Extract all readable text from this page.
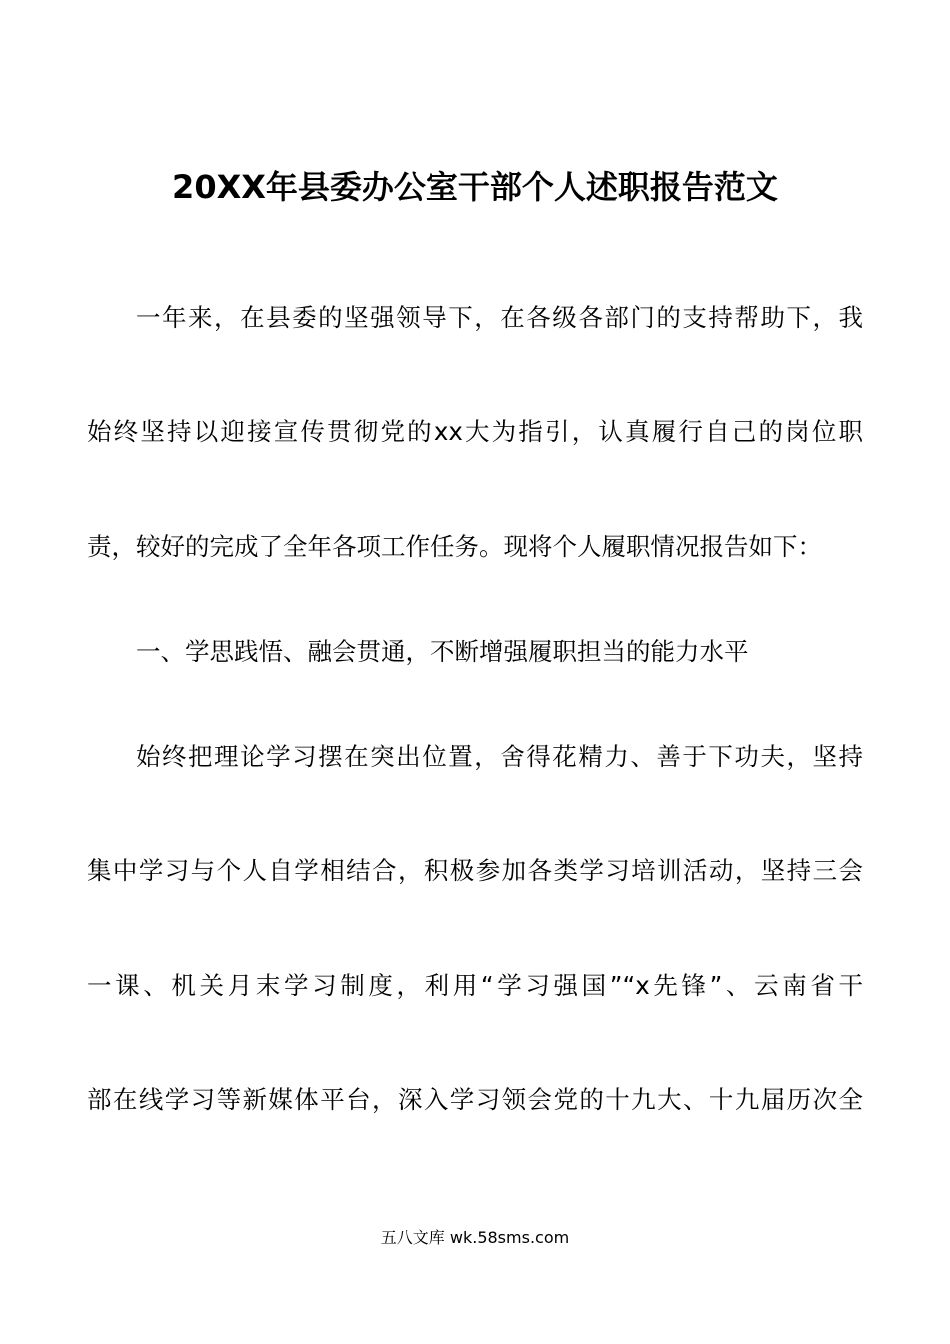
20XX年县委办公室干部个人述职报告范文
一年来，在县委的坚强领导下，在各级各部门的支持帮助下，我
始终坚持以迎接宣传贯彻党的xx大为指引，认真履行自己的岗位职
责，较好的完成了全年各项工作任务。现将个人履职情况报告如下：
一、学思践悟、融会贯通，不断增强履职担当的能力水平
始终把理论学习摆在突出位置，舍得花精力、善于下功夫，坚持
集中学习与个人自学相结合，积极参加各类学习培训活动，坚持三会
一课、机关月末学习制度，利用“学习强国”“x先锋”、云南省干
部在线学习等新媒体平台，深入学习领会党的十九大、十九届历次全
五八文库 wk.58sms.com
